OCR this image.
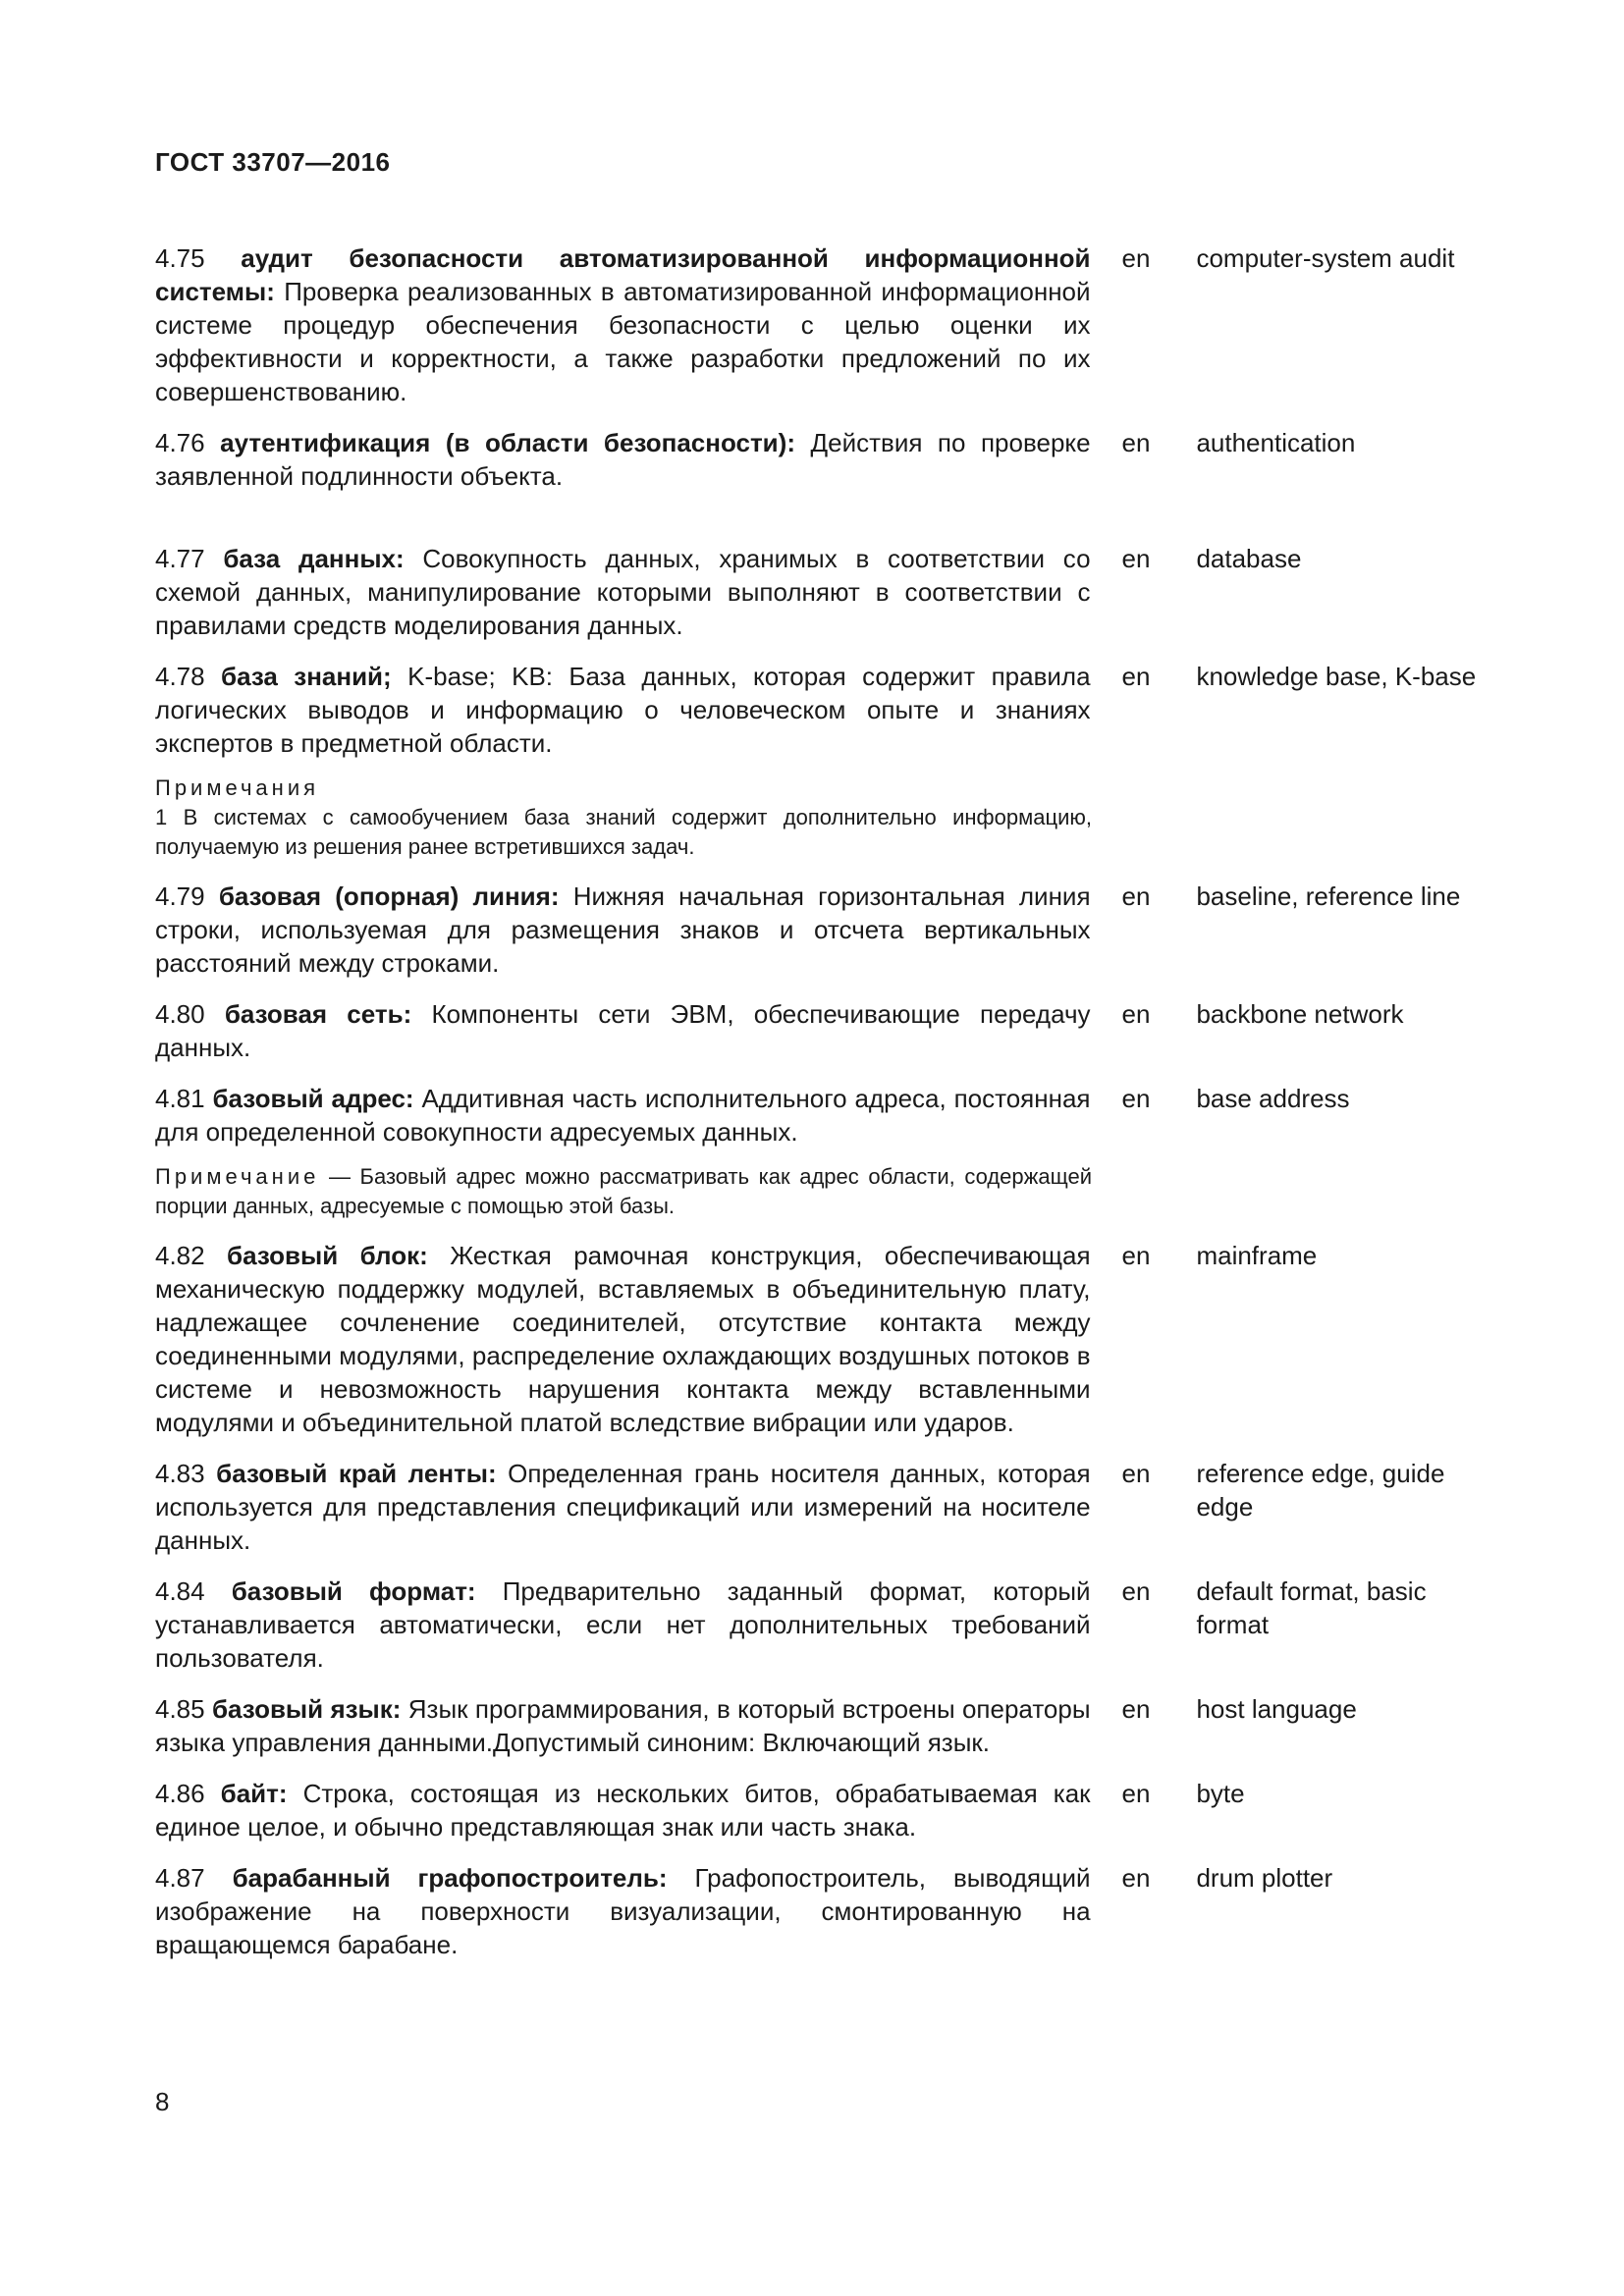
ГОСТ 33707—2016
4.75 аудит безопасности автоматизированной информационной системы: Проверка реализованных в автоматизированной информационной системе процедур обеспечения безопасности с целью оценки их эффективности и корректности, а также разработки предложений по их совершенствованию.
en	computer-system audit
4.76 аутентификация (в области безопасности): Действия по проверке заявленной подлинности объекта.
en	authentication
4.77 база данных: Совокупность данных, хранимых в соответствии со схемой данных, манипулирование которыми выполняют в соответствии с правилами средств моделирования данных.
en	database
4.78 база знаний; K-base; KB: База данных, которая содержит правила логических выводов и информацию о человеческом опыте и знаниях экспертов в предметной области.
en	knowledge base, K-base
Примечания
1 В системах с самообучением база знаний содержит дополнительно информацию, получаемую из решения ранее встретившихся задач.
4.79 базовая (опорная) линия: Нижняя начальная горизонтальная линия строки, используемая для размещения знаков и отсчета вертикальных расстояний между строками.
en	baseline, reference line
4.80 базовая сеть: Компоненты сети ЭВМ, обеспечивающие передачу данных.
en	backbone network
4.81 базовый адрес: Аддитивная часть исполнительного адреса, постоянная для определенной совокупности адресуемых данных.
en	base address
Примечание — Базовый адрес можно рассматривать как адрес области, содержащей порции данных, адресуемые с помощью этой базы.
4.82 базовый блок: Жесткая рамочная конструкция, обеспечивающая механическую поддержку модулей, вставляемых в объединительную плату, надлежащее сочленение соединителей, отсутствие контакта между соединенными модулями, распределение охлаждающих воздушных потоков в системе и невозможность нарушения контакта между вставленными модулями и объединительной платой вследствие вибрации или ударов.
en	mainframe
4.83 базовый край ленты: Определенная грань носителя данных, которая используется для представления спецификаций или измерений на носителе данных.
en	reference edge, guide edge
4.84 базовый формат: Предварительно заданный формат, который устанавливается автоматически, если нет дополнительных требований пользователя.
en	default format, basic format
4.85 базовый язык: Язык программирования, в который встроены операторы языка управления данными.Допустимый синоним: Включающий язык.
en	host language
4.86 байт: Строка, состоящая из нескольких битов, обрабатываемая как единое целое, и обычно представляющая знак или часть знака.
en	byte
4.87 барабанный графопостроитель: Графопостроитель, выводящий изображение на поверхности визуализации, смонтированную на вращающемся барабане.
en	drum plotter
8
